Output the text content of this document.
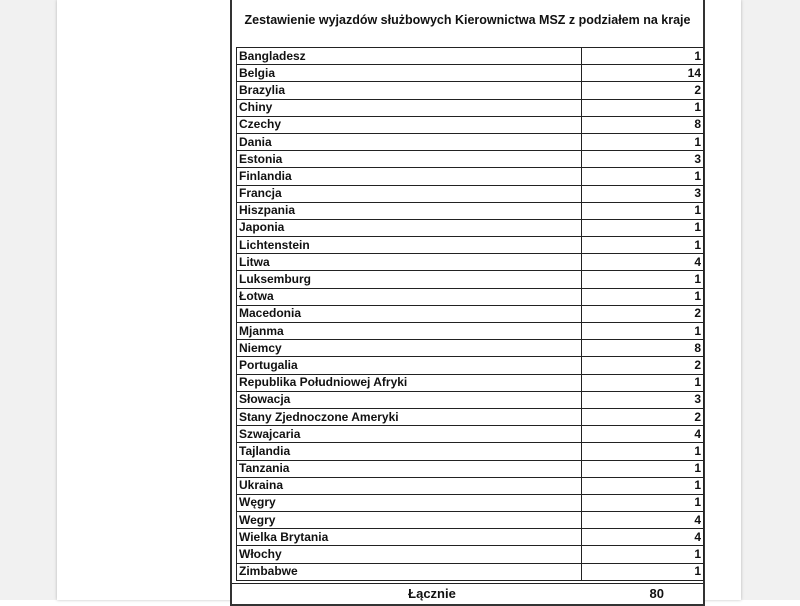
Zestawienie wyjazdów służbowych Kierownictwa MSZ z podziałem na kraje
Bangladesz	1
Belgia	14
Brazylia	2
Chiny	1
Czechy	8
Dania	1
Estonia	3
Finlandia	1
Francja	3
Hiszpania	1
Japonia	1
Lichtenstein	1
Litwa	4
Luksemburg	1
Łotwa	1
Macedonia	2
Mjanma	1
Niemcy	8
Portugalia	2
Republika Południowej Afryki	1
Słowacja	3
Stany Zjednoczone Ameryki	2
Szwajcaria	4
Tajlandia	1
Tanzania	1
Ukraina	1
Węgry	1
Wegry	4
Wielka Brytania	4
Włochy	1
Zimbabwe	1
Łącznie	80
